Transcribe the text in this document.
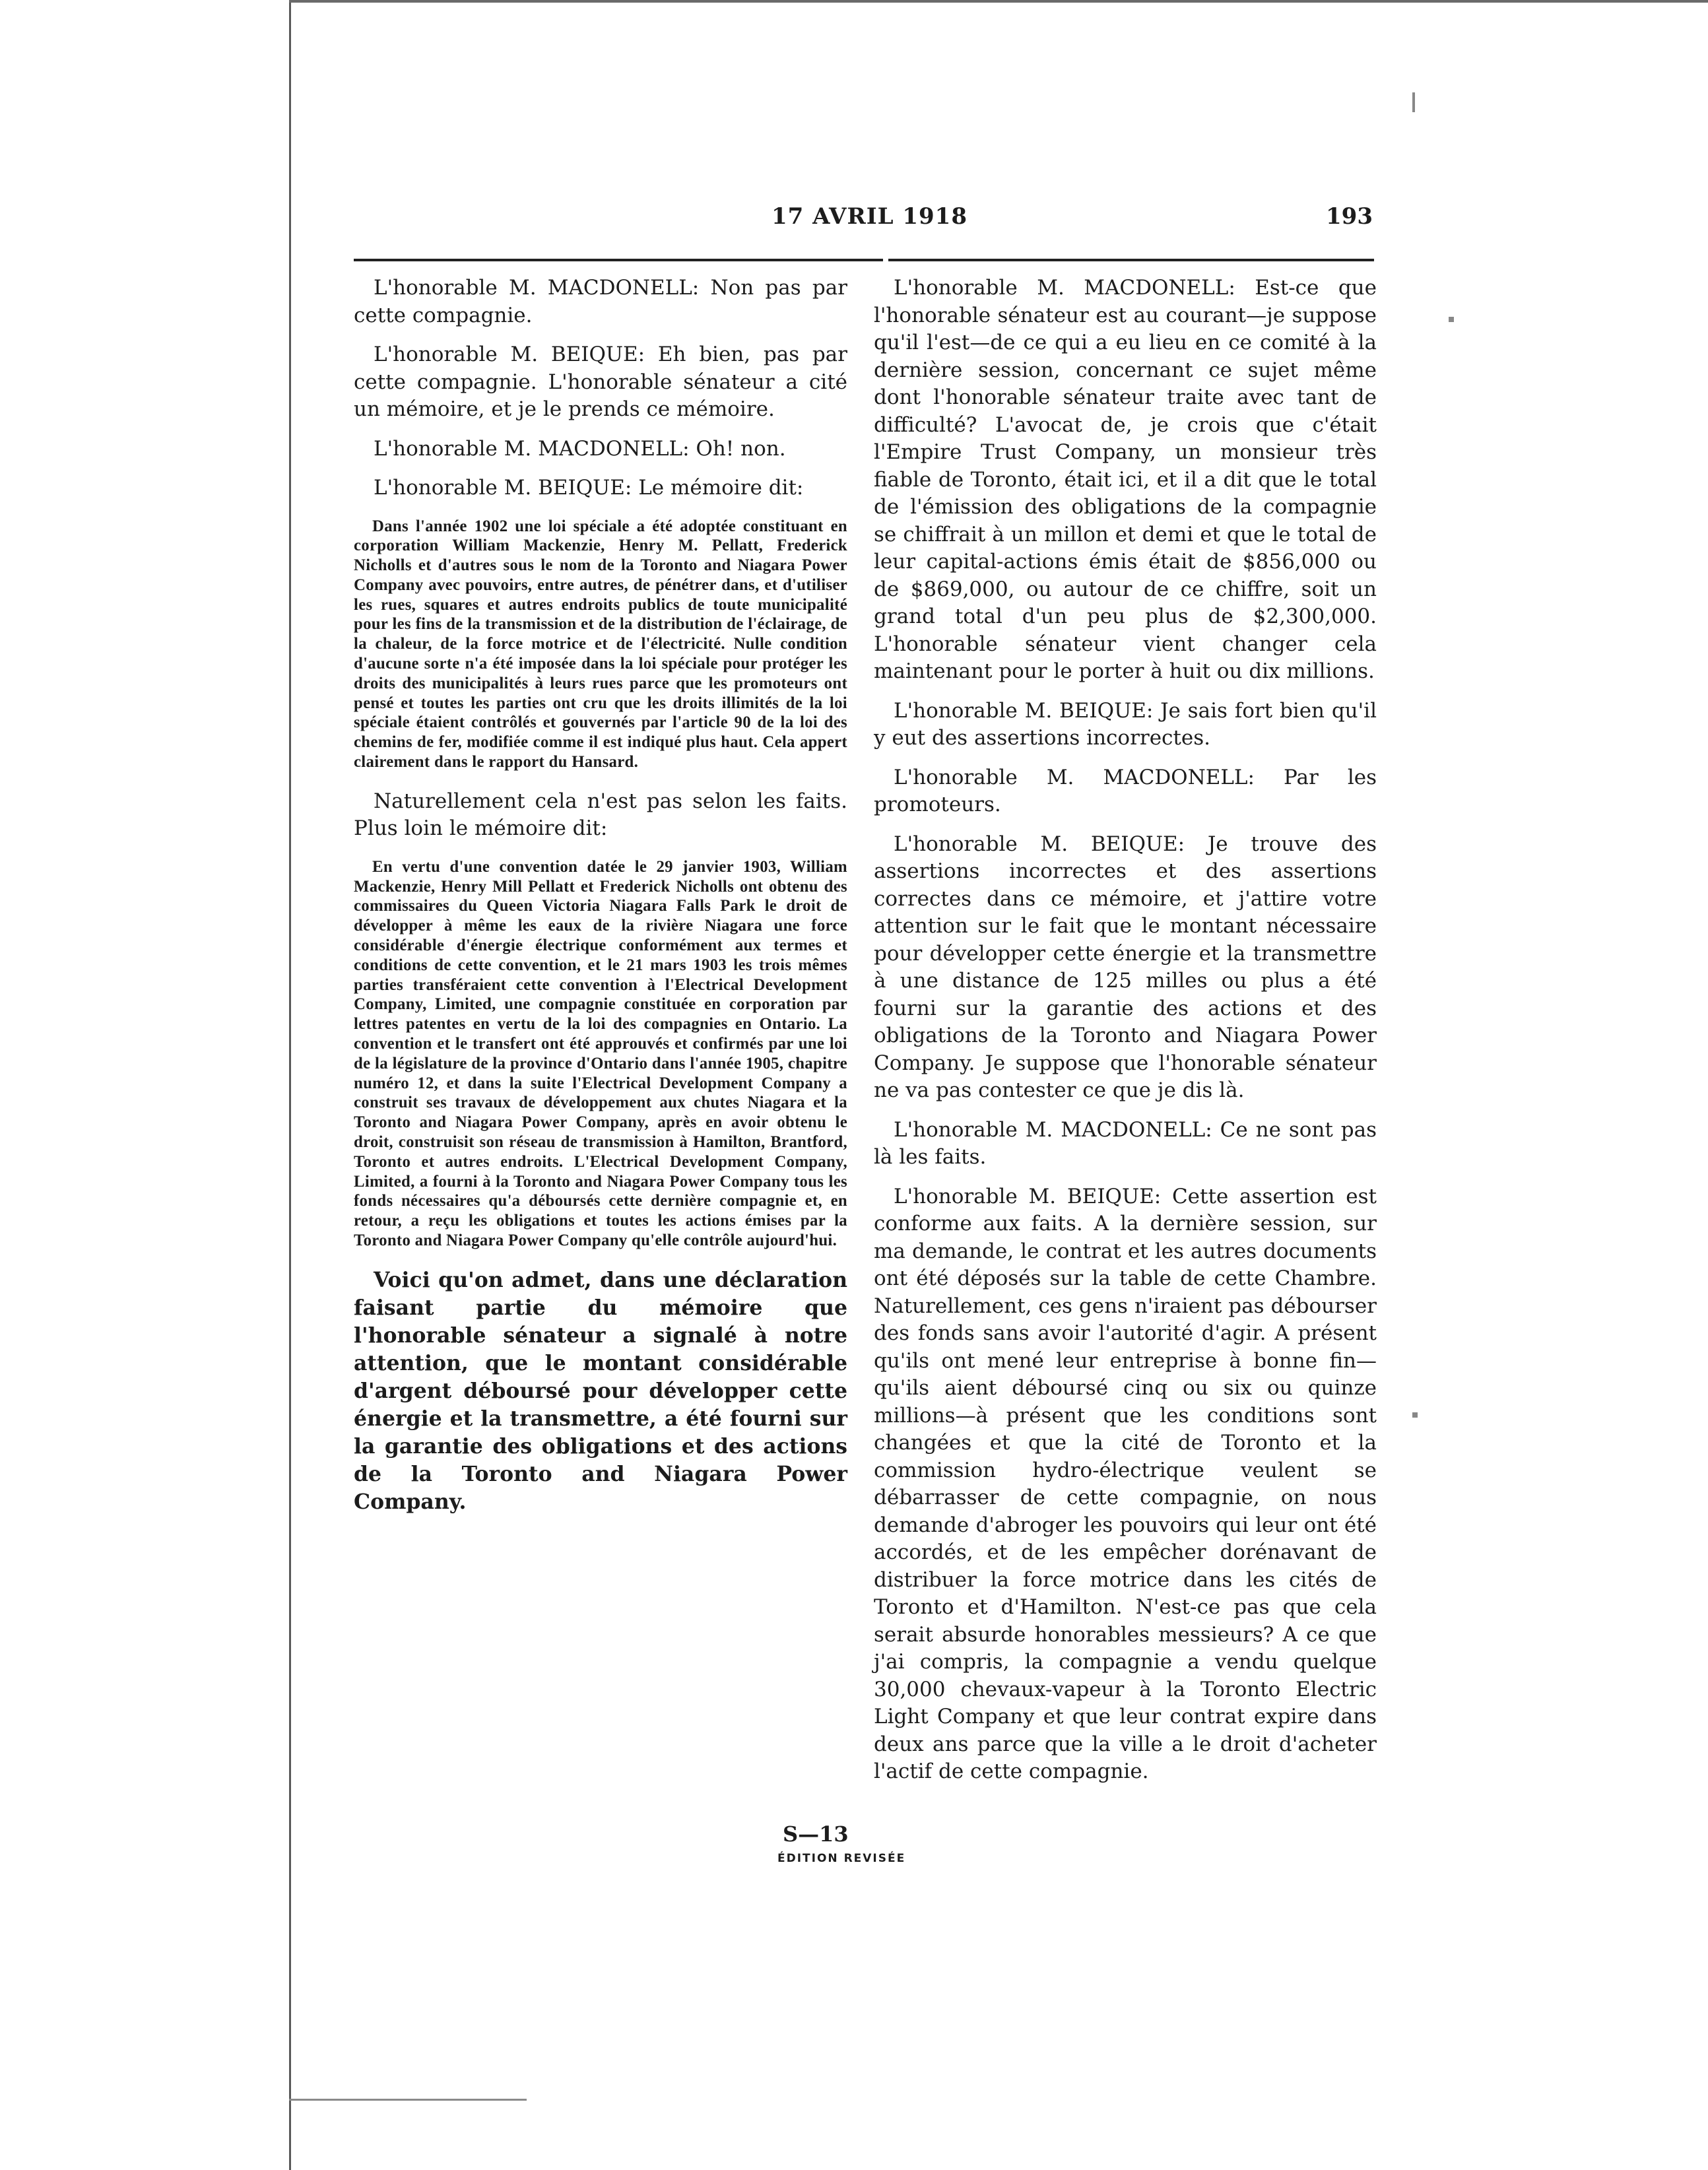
17 AVRIL 1918	193

L'honorable M. MACDONELL: Non pas par cette compagnie.

L'honorable M. BEIQUE: Eh bien, pas par cette compagnie. L'honorable sénateur a cité un mémoire, et je le prends ce mémoire.

L'honorable M. MACDONELL: Oh! non.

L'honorable M. BEIQUE: Le mémoire dit:

Dans l'année 1902 une loi spéciale a été adoptée constituant en corporation William Mackenzie, Henry M. Pellatt, Frederick Nicholls et d'autres sous le nom de la Toronto and Niagara Power Company avec pouvoirs, entre autres, de pénétrer dans, et d'utiliser les rues, squares et autres endroits publics de toute municipalité pour les fins de la transmission et de la distribution de l'éclairage, de la chaleur, de la force motrice et de l'électricité. Nulle condition d'aucune sorte n'a été imposée dans la loi spéciale pour protéger les droits des municipalités à leurs rues parce que les promoteurs ont pensé et toutes les parties ont cru que les droits illimités de la loi spéciale étaient contrôlés et gouvernés par l'article 90 de la loi des chemins de fer, modifiée comme il est indiqué plus haut. Cela appert clairement dans le rapport du Hansard.

Naturellement cela n'est pas selon les faits. Plus loin le mémoire dit:

En vertu d'une convention datée le 29 janvier 1903, William Mackenzie, Henry Mill Pellatt et Frederick Nicholls ont obtenu des commissaires du Queen Victoria Niagara Falls Park le droit de développer à même les eaux de la rivière Niagara une force considérable d'énergie électrique conformément aux termes et conditions de cette convention, et le 21 mars 1903 les trois mêmes parties transféraient cette convention à l'Electrical Development Company, Limited, une compagnie constituée en corporation par lettres patentes en vertu de la loi des compagnies en Ontario. La convention et le transfert ont été approuvés et confirmés par une loi de la législature de la province d'Ontario dans l'année 1905, chapitre numéro 12, et dans la suite l'Electrical Development Company a construit ses travaux de développement aux chutes Niagara et la Toronto and Niagara Power Company, après en avoir obtenu le droit, construisit son réseau de transmission à Hamilton, Brantford, Toronto et autres endroits. L'Electrical Development Company, Limited, a fourni à la Toronto and Niagara Power Company tous les fonds nécessaires qu'a déboursés cette dernière compagnie et, en retour, a reçu les obligations et toutes les actions émises par la Toronto and Niagara Power Company qu'elle contrôle aujourd'hui.

Voici qu'on admet, dans une déclaration faisant partie du mémoire que l'honorable sénateur a signalé à notre attention, que le montant considérable d'argent déboursé pour développer cette énergie et la transmettre, a été fourni sur la garantie des obligations et des actions de la Toronto and Niagara Power Company.

L'honorable M. MACDONELL: Est-ce que l'honorable sénateur est au courant—je suppose qu'il l'est—de ce qui a eu lieu en ce comité à la dernière session, concernant ce sujet même dont l'honorable sénateur traite avec tant de difficulté? L'avocat de, je crois que c'était l'Empire Trust Company, un monsieur très fiable de Toronto, était ici, et il a dit que le total de l'émission des obligations de la compagnie se chiffrait à un millon et demi et que le total de leur capital-actions émis était de $856,000 ou de $869,000, ou autour de ce chiffre, soit un grand total d'un peu plus de $2,300,000. L'honorable sénateur vient changer cela maintenant pour le porter à huit ou dix millions.

L'honorable M. BEIQUE: Je sais fort bien qu'il y eut des assertions incorrectes.

L'honorable M. MACDONELL: Par les promoteurs.

L'honorable M. BEIQUE: Je trouve des assertions incorrectes et des assertions correctes dans ce mémoire, et j'attire votre attention sur le fait que le montant nécessaire pour développer cette énergie et la transmettre à une distance de 125 milles ou plus a été fourni sur la garantie des actions et des obligations de la Toronto and Niagara Power Company. Je suppose que l'honorable sénateur ne va pas contester ce que je dis là.

L'honorable M. MACDONELL: Ce ne sont pas là les faits.

L'honorable M. BEIQUE: Cette assertion est conforme aux faits. A la dernière session, sur ma demande, le contrat et les autres documents ont été déposés sur la table de cette Chambre. Naturellement, ces gens n'iraient pas débourser des fonds sans avoir l'autorité d'agir. A présent qu'ils ont mené leur entreprise à bonne fin—qu'ils aient déboursé cinq ou six ou quinze millions—à présent que les conditions sont changées et que la cité de Toronto et la commission hydro-électrique veulent se débarrasser de cette compagnie, on nous demande d'abroger les pouvoirs qui leur ont été accordés, et de les empêcher dorénavant de distribuer la force motrice dans les cités de Toronto et d'Hamilton. N'est-ce pas que cela serait absurde honorables messieurs? A ce que j'ai compris, la compagnie a vendu quelque 30,000 chevaux-vapeur à la Toronto Electric Light Company et que leur contrat expire dans deux ans parce que la ville a le droit d'acheter l'actif de cette compagnie.

S—13
ÉDITION REVISÉE
